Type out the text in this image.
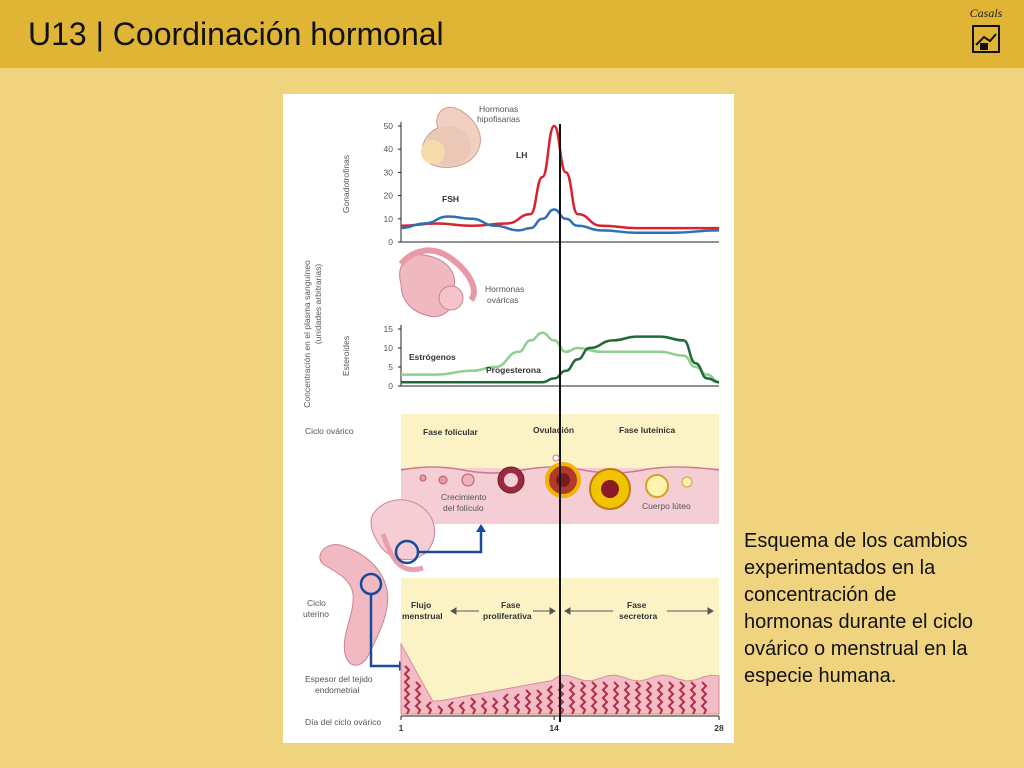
U13 | Coordinación hormonal
Casals
Concentración en el plasma sanguíneo (unidades arbitrarias)
Gonadotrofinas
Esteroides
Hormonas
hipofisarias
Hormonas
ováricas
0
10
20
30
40
50
LH
FSH
0
5
10
15
Estrógenos
Progesterona
Ciclo ovárico	Fase folicular	Ovulación	Fase luteínica
Crecimiento
del folículo	Cuerpo lúteo
Ciclo
uterino
Flujo
menstrual
Fase
proliferativa
Fase
secretora
Espesor del tejido
endometrial
Día del ciclo ovárico
1	14	28
Esquema de los cambios experimentados en la concentración de hormonas durante el ciclo ovárico o menstrual en la especie humana.
